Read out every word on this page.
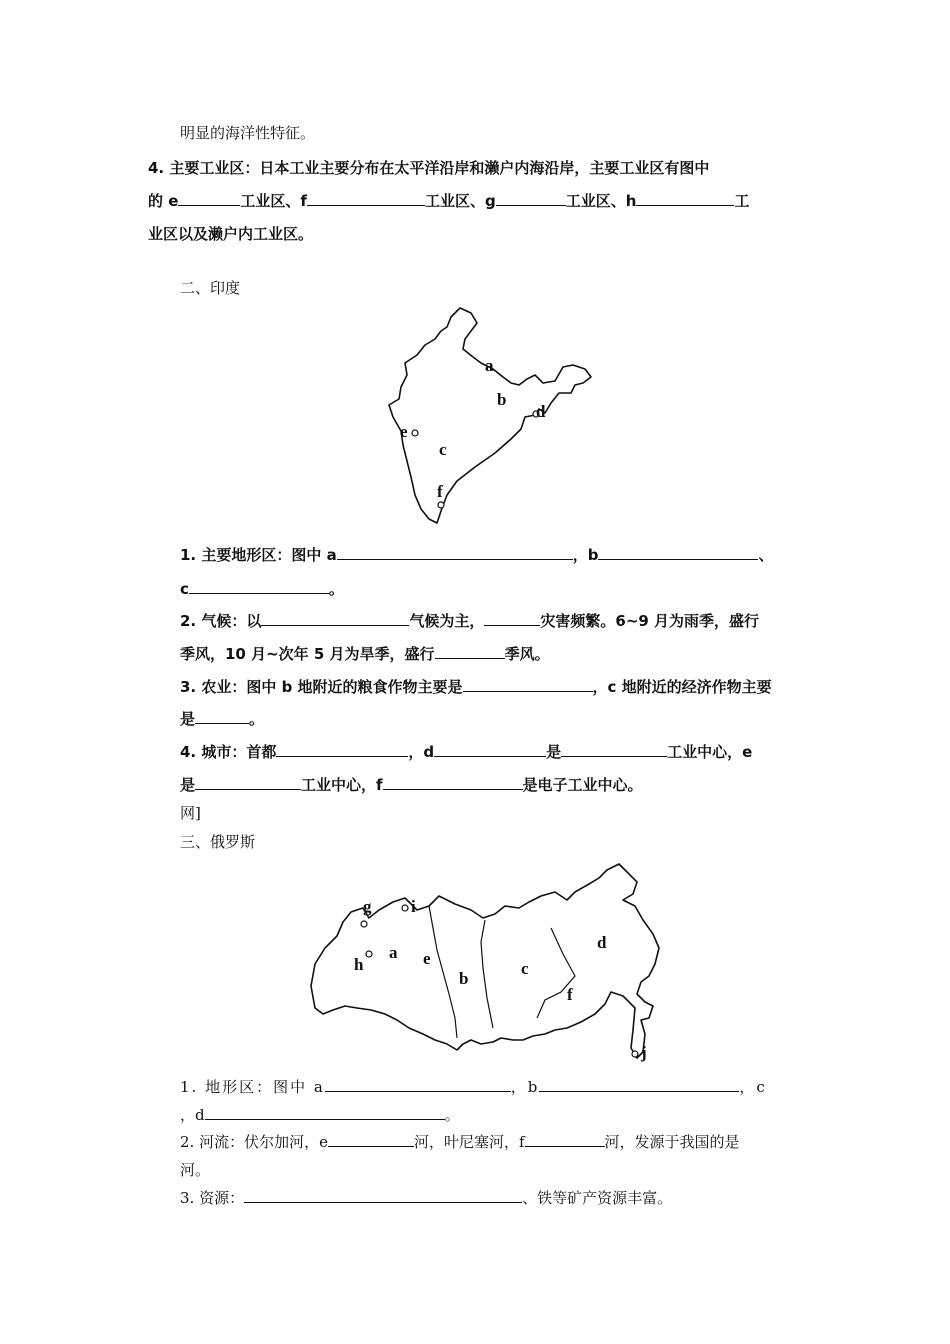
明显的海洋性特征。
4. 主要工业区：日本工业主要分布在太平洋沿岸和濑户内海沿岸，主要工业区有图中
的 e	工业区、f	工业区、g	工业区、h	工
业区以及濑户内工业区。
二、印度
a
b
d
e
c
f
1. 主要地形区：图中 a	，b	、
c	。
2. 气候：以	气候为主，	灾害频繁。6~9 月为雨季，盛行
季风，10 月~次年 5 月为旱季，盛行	季风。
3. 农业：图中 b 地附近的粮食作物主要是	，c 地附近的经济作物主要
是	。
4. 城市：首都	，d	是	工业中心，e
是	工业中心，f	是电子工业中心。
网]
三、俄罗斯
g i
h
a e
b
c
d
f
j
1. 地形区：图中 a	，b	，c
，d	。
2. 河流：伏尔加河，e	河，叶尼塞河，f	河，发源于我国的是
河。
3. 资源：	、铁等矿产资源丰富。
